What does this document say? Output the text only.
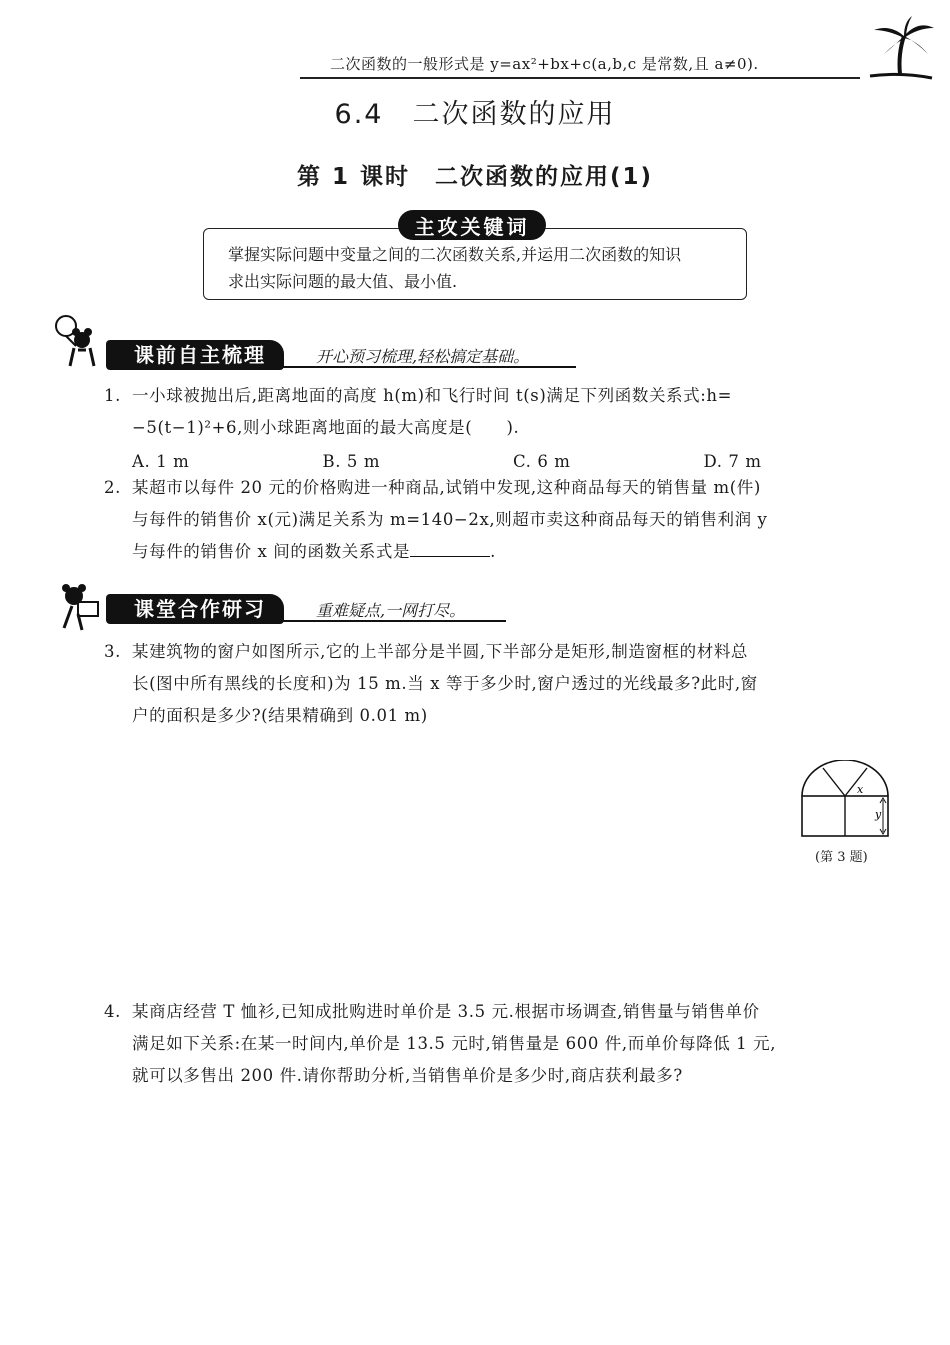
二次函数的一般形式是 y=ax²+bx+c(a,b,c 是常数,且 a≠0).
6.4　二次函数的应用
第 1 课时　二次函数的应用(1)
主攻关键词
掌握实际问题中变量之间的二次函数关系,并运用二次函数的知识
求出实际问题的最大值、最小值.
课前自主梳理	开心预习梳理,轻松搞定基础。
1. 一小球被抛出后,距离地面的高度 h(m)和飞行时间 t(s)满足下列函数关系式:h=
−5(t−1)²+6,则小球距离地面的最大高度是(　　).
A. 1 m	B. 5 m	C. 6 m	D. 7 m
2. 某超市以每件 20 元的价格购进一种商品,试销中发现,这种商品每天的销售量 m(件)
与每件的销售价 x(元)满足关系为 m=140−2x,则超市卖这种商品每天的销售利润 y
与每件的销售价 x 间的函数关系式是	.
课堂合作研习	重难疑点,一网打尽。
3. 某建筑物的窗户如图所示,它的上半部分是半圆,下半部分是矩形,制造窗框的材料总
长(图中所有黑线的长度和)为 15 m.当 x 等于多少时,窗户透过的光线最多?此时,窗
户的面积是多少?(结果精确到 0.01 m)
x
y
(第 3 题)
4. 某商店经营 T 恤衫,已知成批购进时单价是 3.5 元.根据市场调查,销售量与销售单价
满足如下关系:在某一时间内,单价是 13.5 元时,销售量是 600 件,而单价每降低 1 元,
就可以多售出 200 件.请你帮助分析,当销售单价是多少时,商店获利最多?
